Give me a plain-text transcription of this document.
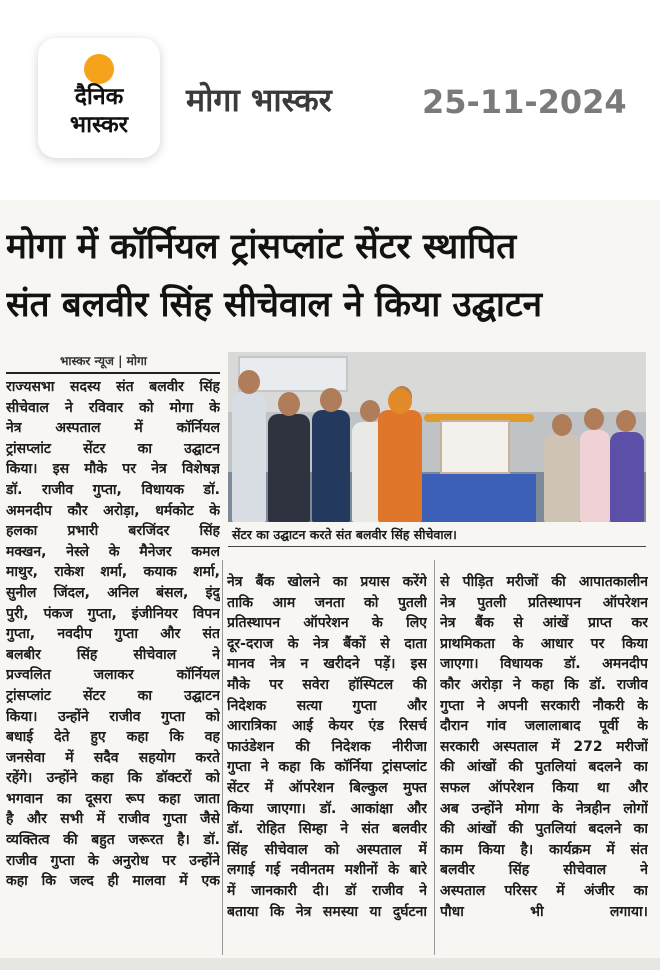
दैनिक
भास्कर
मोगा भास्कर	25-11-2024
मोगा में कॉर्नियल ट्रांसप्लांट सेंटर स्थापित
संत बलवीर सिंह सीचेवाल ने किया उद्घाटन
भास्कर न्यूज | मोगा
सेंटर का उद्घाटन करते संत बलवीर सिंह सीचेवाल।
राज्यसभा सदस्य संत बलवीर सिंह
सीचेवाल ने रविवार को मोगा के
नेत्र अस्पताल में कॉर्नियल
ट्रांसप्लांट सेंटर का उद्घाटन
किया। इस मौके पर नेत्र विशेषज्ञ
डॉ. राजीव गुप्ता, विधायक डॉ.
अमनदीप कौर अरोड़ा, धर्मकोट के
हलका प्रभारी बरजिंदर सिंह
मक्खन, नेस्ले के मैनेजर कमल
माथुर, राकेश शर्मा, कयाक शर्मा,
सुनील जिंदल, अनिल बंसल, इंदु
पुरी, पंकज गुप्ता, इंजीनियर विपन
गुप्ता, नवदीप गुप्ता और संत
बलबीर सिंह सीचेवाल ने
प्रज्वलित जलाकर कॉर्नियल
ट्रांसप्लांट सेंटर का उद्घाटन
किया। उन्होंने राजीव गुप्ता को
बधाई देते हुए कहा कि वह
जनसेवा में सदैव सहयोग करते
रहेंगे। उन्होंने कहा कि डॉक्टरों को
भगवान का दूसरा रूप कहा जाता
है और सभी में राजीव गुप्ता जैसे
व्यक्तित्व की बहुत जरूरत है। डॉ.
राजीव गुप्ता के अनुरोध पर उन्होंने
कहा कि जल्द ही मालवा में एक
नेत्र बैंक खोलने का प्रयास करेंगे
ताकि आम जनता को पुतली
प्रतिस्थापन ऑपरेशन के लिए
दूर-दराज के नेत्र बैंकों से दाता
मानव नेत्र न खरीदने पड़ें। इस
मौके पर सवेरा हॉस्पिटल की
निदेशक सत्या गुप्ता और
आरात्रिका आई केयर एंड रिसर्च
फाउंडेशन की निदेशक नीरीजा
गुप्ता ने कहा कि कॉर्निया ट्रांसप्लांट
सेंटर में ऑपरेशन बिल्कुल मुफ्त
किया जाएगा। डॉ. आकांक्षा और
डॉ. रोहित सिम्हा ने संत बलवीर
सिंह सीचेवाल को अस्पताल में
लगाई गई नवीनतम मशीनों के बारे
में जानकारी दी। डॉ राजीव ने
बताया कि नेत्र समस्या या दुर्घटना
से पीड़ित मरीजों की आपातकालीन
नेत्र पुतली प्रतिस्थापन ऑपरेशन
नेत्र बैंक से आंखें प्राप्त कर
प्राथमिकता के आधार पर किया
जाएगा। विधायक डॉ. अमनदीप
कौर अरोड़ा ने कहा कि डॉ. राजीव
गुप्ता ने अपनी सरकारी नौकरी के
दौरान गांव जलालाबाद पूर्वी के
सरकारी अस्पताल में 272 मरीजों
की आंखों की पुतलियां बदलने का
सफल ऑपरेशन किया था और
अब उन्होंने मोगा के नेत्रहीन लोगों
की आंखों की पुतलियां बदलने का
काम किया है। कार्यक्रम में संत
बलवीर सिंह सीचेवाल ने
अस्पताल परिसर में अंजीर का
पौधा भी लगाया।
